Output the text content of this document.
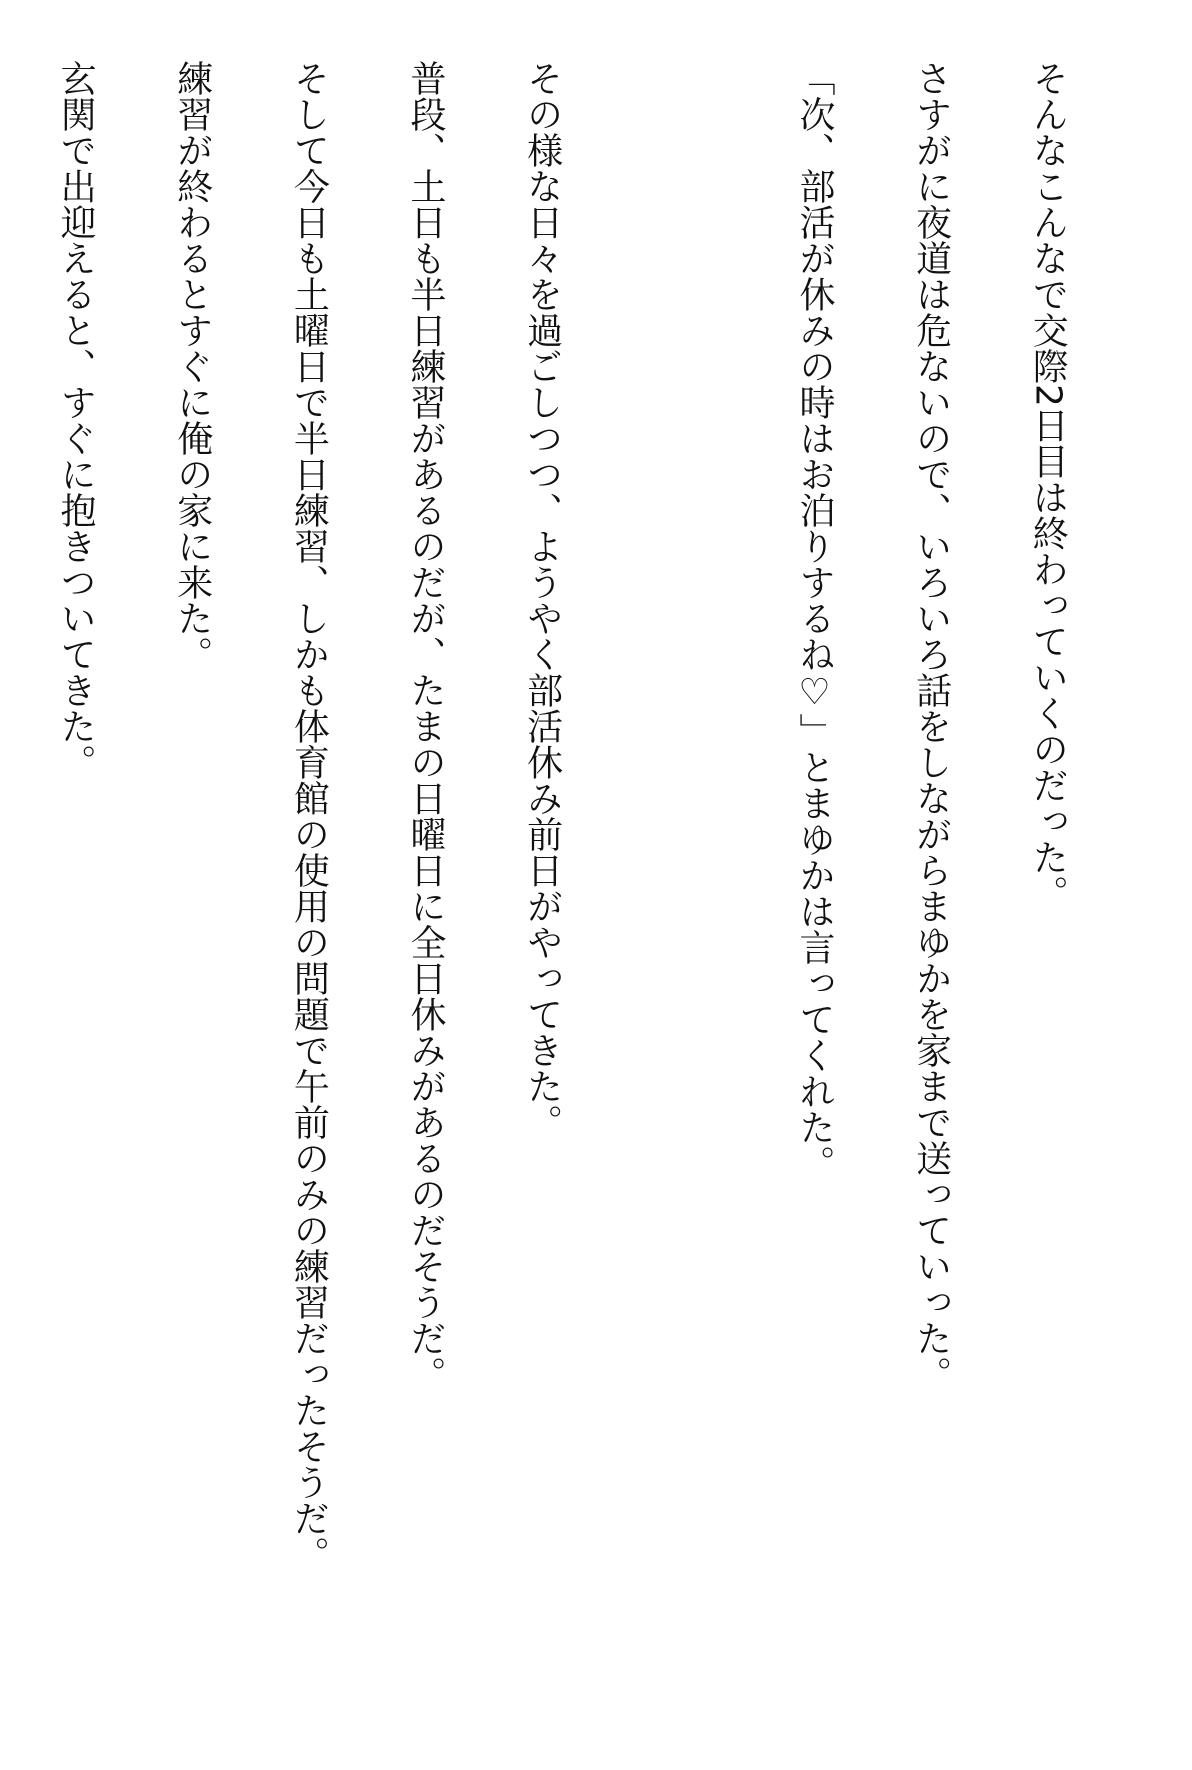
そんなこんなで交際2日目は終わっていくのだった。

さすがに夜道は危ないので、いろいろ話をしながらまゆかを家まで送っていった。

「次、部活が休みの時はお泊りするね♡」とまゆかは言ってくれた。

その様な日々を過ごしつつ、ようやく部活休み前日がやってきた。

普段、土日も半日練習があるのだが、たまの日曜日に全日休みがあるのだそうだ。

そして今日も土曜日で半日練習、しかも体育館の使用の問題で午前のみの練習だったそうだ。

練習が終わるとすぐに俺の家に来た。

玄関で出迎えると、すぐに抱きついてきた。
